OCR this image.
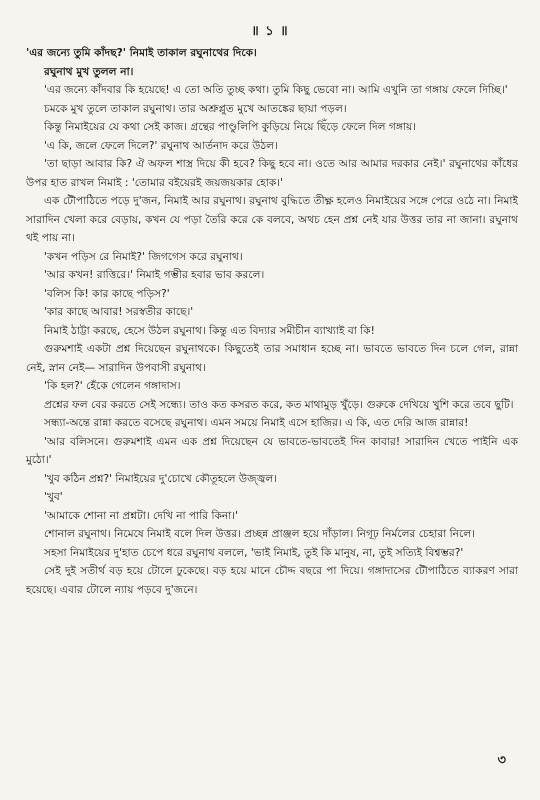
॥ ১ ॥

'এর জন্যে তুমি কাঁদছ?' নিমাই তাকাল রঘুনাথের দিকে।

রঘুনাথ মুখ তুলল না।

'এর জন্যে কাঁদবার কি হয়েছে! এ তো অতি তুচ্ছ কথা। তুমি কিছু ভেবো না। আমি এখুনি তা গঙ্গায় ফেলে দিচ্ছি।'

চমকে মুখ তুলে তাকাল রঘুনাথ। তার অশ্রুপ্লুত মুখে আতঙ্কের ছায়া পড়ল।

কিন্তু নিমাইয়ের যে কথা সেই কাজ। গ্রন্থের পাণ্ডুলিপি কুড়িয়ে নিয়ে ছিঁড়ে ফেলে দিল গঙ্গায়।

'এ কি, জলে ফেলে দিলে?' রঘুনাথ আর্তনাদ করে উঠল।

'তা ছাড়া আবার কি? ঐ অফল শাস্ত্র দিয়ে কী হবে? কিছু হবে না। ওতে আর আমার দরকার নেই।' রঘুনাথের কাঁধের উপর হাত রাখল নিমাই : 'তোমার বইয়েরই জয়জয়কার হোক।'

এক টৌপাঠিতে পড়ে দু'জন, নিমাই আর রঘুনাথ। রঘুনাথ বুদ্ধিতে তীক্ষ্ণ হলেও নিমাইয়ের সঙ্গে পেরে ওঠে না। নিমাই সারাদিন খেলা করে বেড়ায়, কখন যে পড়া তৈরি করে কে বলবে, অথচ হেন প্রশ্ন নেই যার উত্তর তার না জানা। রঘুনাথ থই পায় না।

'কখন পড়িস রে নিমাই?' জিগগেস করে রঘুনাথ।

'আর কখন! রাত্তিরে।' নিমাই গম্ভীর হবার ভাব করলে।

'বলিস কি! কার কাছে পড়িস?'

'কার কাছে আবার! সরস্বতীর কাছে।'

নিমাই ঠাট্টা করছে, হেসে উঠল রঘুনাথ। কিন্তু এত বিদ্যার সমীচীন ব্যাখ্যাই বা কি!

গুরুমশাই একটা প্রশ্ন দিয়েছেন রঘুনাথকে। কিছুতেই তার সমাধান হচ্ছে না। ভাবতে ভাবতে দিন চলে গেল, রান্না নেই, স্নান নেই— সারাদিন উপবাসী রঘুনাথ।

'কি হল?' হেঁকে গেলেন গঙ্গাদাস।

প্রশ্নের ফল বের করতে সেই সন্ধ্যে। তাও কত কসরত করে, কত মাথামুড় খুঁড়ে। গুরুকে দেখিয়ে খুশি করে তবে ছুটি।

সন্ধ্যা-অন্তে রান্না করতে বসেছে রঘুনাথ। এমন সময়ে নিমাই এসে হাজির। এ কি, এত দেরি আজ রান্নার!

'আর বলিসনে। গুরুমশাই এমন এক প্রশ্ন দিয়েছেন যে ভাবতে-ভাবতেই দিন কাবার! সারাদিন খেতে পাইনি এক মুঠো।'

'খুব কঠিন প্রশ্ন?' নিমাইয়ের দু'চোখে কৌতূহলে উজ্জ্বল।

'খুব'

'আমাকে শোনা না প্রশ্নটা। দেখি না পারি কিনা।'

শোনাল রঘুনাথ। নিমেষে নিমাই বলে দিল উত্তর। প্রচ্ছন্ন প্রাঞ্জল হয়ে দাঁড়াল। নিগূঢ় নির্মলের চেহারা নিলে।

সহসা নিমাইয়ের দু'হাত চেপে ধরে রঘুনাথ বললে, 'ভাই নিমাই, তুই কি মানুষ, না, তুই সত্যিই বিশ্বম্ভর?'

সেই দুই সতীর্থ বড় হয়ে টোলে ঢুকেছে। বড় হয়ে মানে চৌদ্দ বছরে পা দিয়ে। গঙ্গাদাসের টৌপাঠিতে ব্যাকরণ সারা হয়েছে। এবার টোলে ন্যায় পড়বে দু'জনে।

৩
